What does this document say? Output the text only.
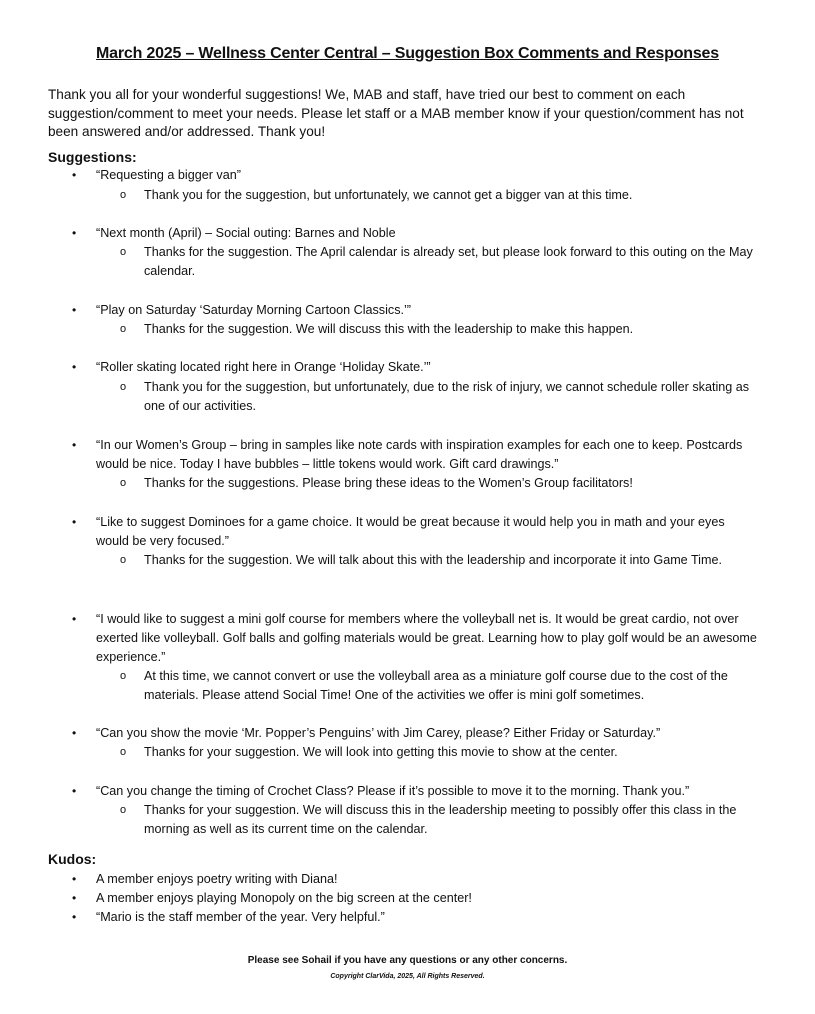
March 2025 – Wellness Center Central – Suggestion Box Comments and Responses
Thank you all for your wonderful suggestions! We, MAB and staff, have tried our best to comment on each suggestion/comment to meet your needs. Please let staff or a MAB member know if your question/comment has not been answered and/or addressed. Thank you!
Suggestions:
• “Requesting a bigger van”
o Thank you for the suggestion, but unfortunately, we cannot get a bigger van at this time.
• “Next month (April) – Social outing: Barnes and Noble
o Thanks for the suggestion. The April calendar is already set, but please look forward to this outing on the May calendar.
• “Play on Saturday ‘Saturday Morning Cartoon Classics.’”
o Thanks for the suggestion. We will discuss this with the leadership to make this happen.
• “Roller skating located right here in Orange ‘Holiday Skate.’”
o Thank you for the suggestion, but unfortunately, due to the risk of injury, we cannot schedule roller skating as one of our activities.
• “In our Women’s Group – bring in samples like note cards with inspiration examples for each one to keep. Postcards would be nice. Today I have bubbles – little tokens would work. Gift card drawings.”
o Thanks for the suggestions. Please bring these ideas to the Women’s Group facilitators!
• “Like to suggest Dominoes for a game choice. It would be great because it would help you in math and your eyes would be very focused.”
o Thanks for the suggestion. We will talk about this with the leadership and incorporate it into Game Time.
• “I would like to suggest a mini golf course for members where the volleyball net is. It would be great cardio, not over exerted like volleyball. Golf balls and golfing materials would be great. Learning how to play golf would be an awesome experience.”
o At this time, we cannot convert or use the volleyball area as a miniature golf course due to the cost of the materials. Please attend Social Time! One of the activities we offer is mini golf sometimes.
• “Can you show the movie ‘Mr. Popper’s Penguins’ with Jim Carey, please? Either Friday or Saturday.”
o Thanks for your suggestion. We will look into getting this movie to show at the center.
• “Can you change the timing of Crochet Class? Please if it’s possible to move it to the morning. Thank you.”
o Thanks for your suggestion. We will discuss this in the leadership meeting to possibly offer this class in the morning as well as its current time on the calendar.
Kudos:
• A member enjoys poetry writing with Diana!
• A member enjoys playing Monopoly on the big screen at the center!
• “Mario is the staff member of the year. Very helpful.”
Please see Sohail if you have any questions or any other concerns.
Copyright ClarVida, 2025, All Rights Reserved.
